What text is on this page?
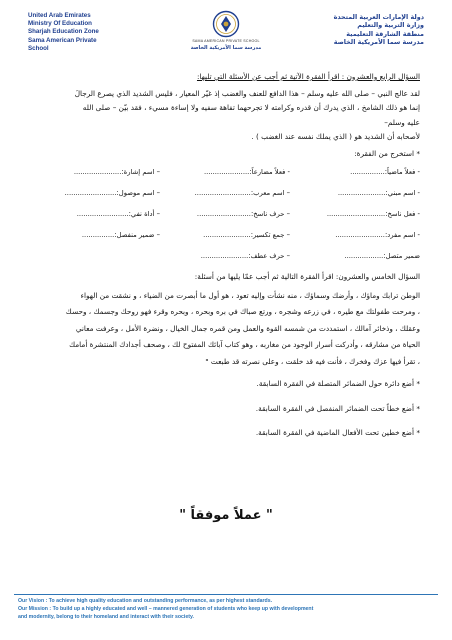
United Arab Emirates
Ministry Of Education
Sharjah Education Zone
Sama American Private
School
SAMA AMERICAN PRIVATE SCHOOL
مدرسة سما الأمريكية الخاصة
دولة الإمارات العربية المتحدة
وزارة التربية والتعليم
منطقة الشارقة التعليمية
مدرسة سما الأمريكية الخاصة
السؤال الرابع والعشرون : اقرأ الفقرة الآتية ثم أجب عن الأسئلة التي تليها:
لقد عالج النبي – صلى الله عليه وسلم – هذا الدافع للعنف والغضب إذ غيّر المعيار ، فليس الشديد الذي يصرع الرجالَ
إنما هو ذلك الشامخ ، الذي يدرك أن قدره وكرامته لا تجرحهما تفاهة سفيه ولا إساءة مسيء ، فقد بيّن – صلى الله
عليه وسلم–
لأصحابه أن الشديد هو ( الذي يملك نفسه عند الغضب ) .
* استخرج من الفقرة:
- فعلاً ماضياً:................
- فعلاً مضارعاً:.....................
– اسم إشارة:......................
- اسم مبني:......................
– اسم معرب:..........................
– اسم موصول:........................
- فعل ناسخ:...........................
– حرف ناسخ:.........................
– أداة نفي:........................
- اسم مفرد:.......................
– جمع تكسير:......................
– ضمير منفصل:...............
ضمير متصل:..................
– حرف عطف:......................
السؤال الخامس والعشرون: اقرأ الفقرة التالية ثم أجب عمّا يليها من أسئلة:
الوطن ترابك وماؤك ، وأرضك وسماؤك ، منه نشأت وإليه تعود ، هو أول ما أبصرت من الضياء ، و نشقت من الهواء
، ومرحت طفولتك مع طيره ، في زرعه وشجره ، ورتع صباك في بره وبحره ، وبحره وقرء فهو روحك وجسمك ، وحسك
وعقلك ، وذخائر آمالك ، استمددت من شمسه القوة والعمل ومن قمره جمال الخيال ، ونضرة الأمل ، وعرفت معاني
الحياة من مشارقه ، وأدركت أسرار الوجود من مغاربه ، وهو كتاب آبائك المفتوح لك ، وصحف أجدادك المنتشرة أمامك
، تقرأ فيها عزك وفخرك ، فأنت فيه قد خلقت ، وعلى نصرته قد طبعت "
* أضع دائرة حول الضمائر المتصلة في الفقرة السابقة.
* أضع خطاً تحت الضمائر المنفصل في الفقرة السابقة.
* أضع خطين تحت الأفعال الماضية في الفقرة السابقة.
" عملاً موفقاً "
Our Vision : To achieve high quality education and outstanding performance, as per highest standards.
Our Mission : To build up a highly educated and well – mannered generation of students who keep up with development
and modernity, belong to their homeland and interact with their society.
